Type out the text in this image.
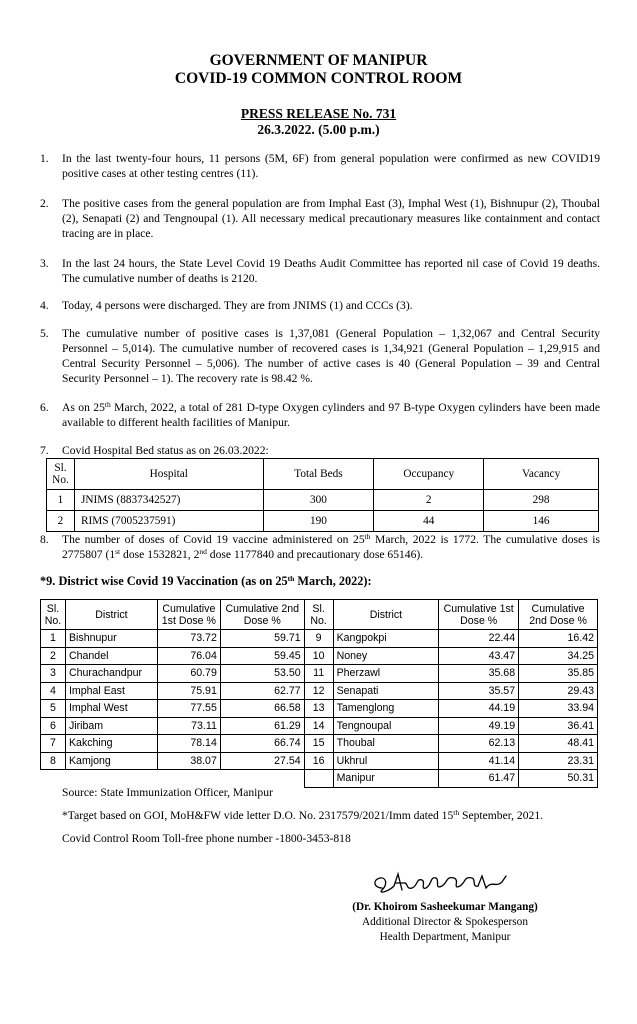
GOVERNMENT OF MANIPUR
COVID-19 COMMON CONTROL ROOM
PRESS RELEASE No. 731
26.3.2022. (5.00 p.m.)
1. In the last twenty-four hours, 11 persons (5M, 6F) from general population were confirmed as new COVID19 positive cases at other testing centres (11).
2. The positive cases from the general population are from Imphal East (3), Imphal West (1), Bishnupur (2), Thoubal (2), Senapati (2) and Tengnoupal (1). All necessary medical precautionary measures like containment and contact tracing are in place.
3. In the last 24 hours, the State Level Covid 19 Deaths Audit Committee has reported nil case of Covid 19 deaths. The cumulative number of deaths is 2120.
4. Today, 4 persons were discharged. They are from JNIMS (1) and CCCs (3).
5. The cumulative number of positive cases is 1,37,081 (General Population – 1,32,067 and Central Security Personnel – 5,014). The cumulative number of recovered cases is 1,34,921 (General Population – 1,29,915 and Central Security Personnel – 5,006). The number of active cases is 40 (General Population – 39 and Central Security Personnel – 1). The recovery rate is 98.42 %.
6. As on 25th March, 2022, a total of 281 D-type Oxygen cylinders and 97 B-type Oxygen cylinders have been made available to different health facilities of Manipur.
7. Covid Hospital Bed status as on 26.03.2022:
Sl. No.	Hospital	Total Beds	Occupancy	Vacancy
1	JNIMS (8837342527)	300	2	298
2	RIMS (7005237591)	190	44	146
8. The number of doses of Covid 19 vaccine administered on 25th March, 2022 is 1772. The cumulative doses is 2775807 (1st dose 1532821, 2nd dose 1177840 and precautionary dose 65146).
*9. District wise Covid 19 Vaccination (as on 25th March, 2022):
Sl. No.	District	Cumulative 1st Dose %	Cumulative 2nd Dose %	Sl. No.	District	Cumulative 1st Dose %	Cumulative 2nd Dose %
1	Bishnupur	73.72	59.71	9	Kangpokpi	22.44	16.42
2	Chandel	76.04	59.45	10	Noney	43.47	34.25
3	Churachandpur	60.79	53.50	11	Pherzawl	35.68	35.85
4	Imphal East	75.91	62.77	12	Senapati	35.57	29.43
5	Imphal West	77.55	66.58	13	Tamenglong	44.19	33.94
6	Jiribam	73.11	61.29	14	Tengnoupal	49.19	36.41
7	Kakching	78.14	66.74	15	Thoubal	62.13	48.41
8	Kamjong	38.07	27.54	16	Ukhrul	41.14	23.31
					Manipur	61.47	50.31
Source: State Immunization Officer, Manipur
*Target based on GOI, MoH&FW vide letter D.O. No. 2317579/2021/Imm dated 15th September, 2021.
Covid Control Room Toll-free phone number -1800-3453-818
(Dr. Khoirom Sasheekumar Mangang)
Additional Director & Spokesperson
Health Department, Manipur
